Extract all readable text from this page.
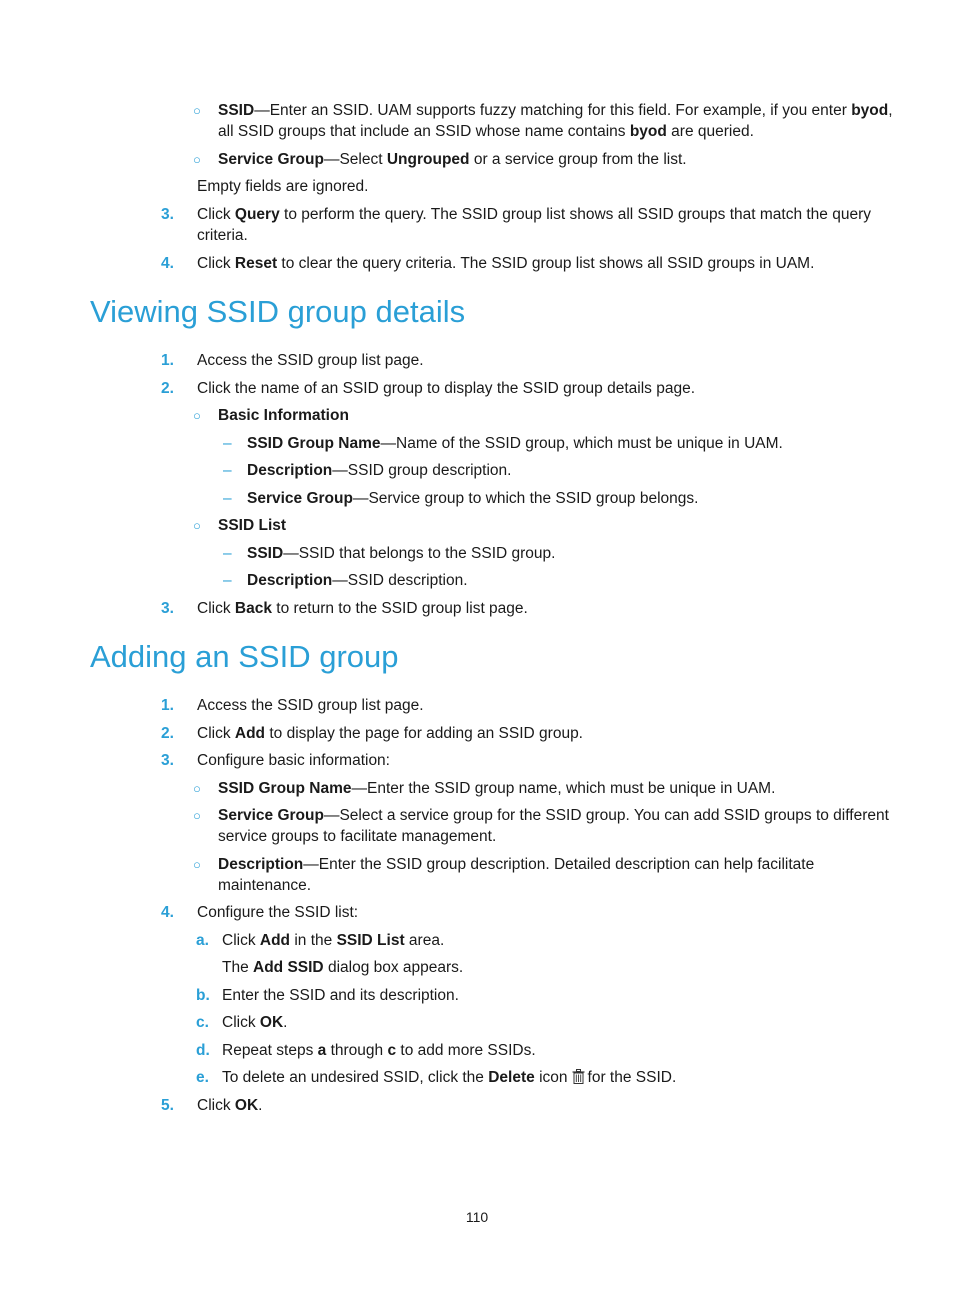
○ SSID—Enter an SSID. UAM supports fuzzy matching for this field. For example, if you enter byod,
all SSID groups that include an SSID whose name contains byod are queried.
○ Service Group—Select Ungrouped or a service group from the list.
Empty fields are ignored.
3. Click Query to perform the query. The SSID group list shows all SSID groups that match the query
criteria.
4. Click Reset to clear the query criteria. The SSID group list shows all SSID groups in UAM.
Viewing SSID group details
1. Access the SSID group list page.
2. Click the name of an SSID group to display the SSID group details page.
○ Basic Information
– SSID Group Name—Name of the SSID group, which must be unique in UAM.
– Description—SSID group description.
– Service Group—Service group to which the SSID group belongs.
○ SSID List
– SSID—SSID that belongs to the SSID group.
– Description—SSID description.
3. Click Back to return to the SSID group list page.
Adding an SSID group
1. Access the SSID group list page.
2. Click Add to display the page for adding an SSID group.
3. Configure basic information:
○ SSID Group Name—Enter the SSID group name, which must be unique in UAM.
○ Service Group—Select a service group for the SSID group. You can add SSID groups to different
service groups to facilitate management.
○ Description—Enter the SSID group description. Detailed description can help facilitate
maintenance.
4. Configure the SSID list:
a. Click Add in the SSID List area.
The Add SSID dialog box appears.
b. Enter the SSID and its description.
c. Click OK.
d. Repeat steps a through c to add more SSIDs.
e. To delete an undesired SSID, click the Delete icon for the SSID.
5. Click OK.
110
